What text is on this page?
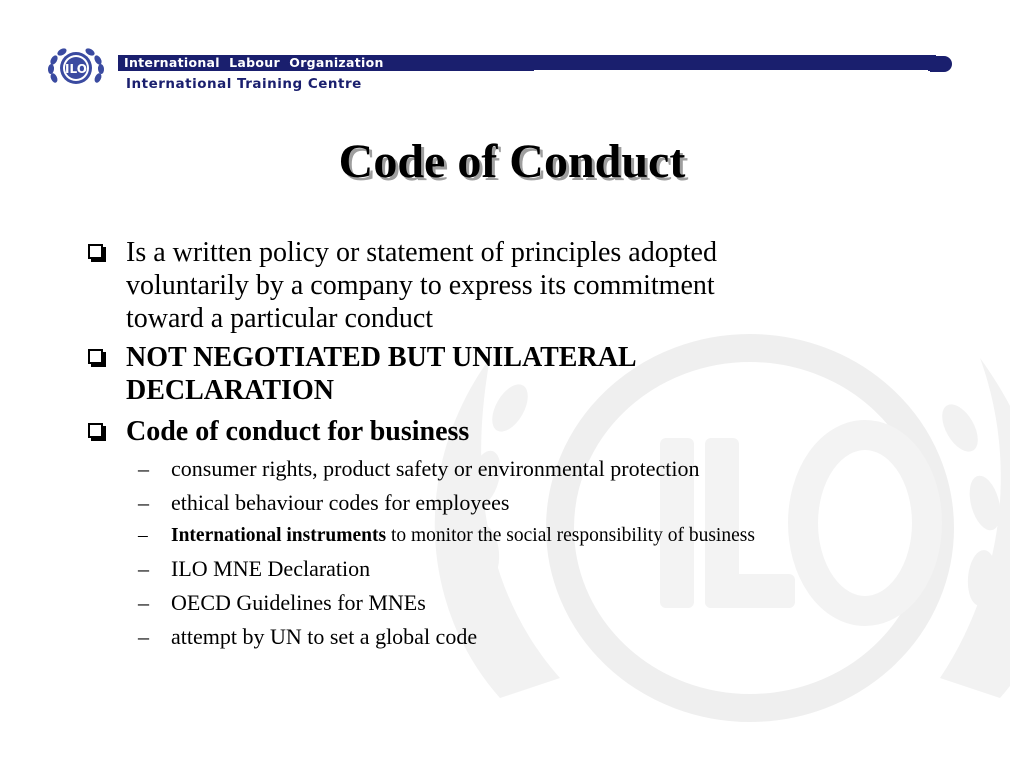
ILO	International  Labour  Organization
International Training Centre
Code of Conduct
Is a written policy or statement of principles adopted
voluntarily by a company to express its commitment
toward a particular conduct
NOT NEGOTIATED BUT UNILATERAL
DECLARATION
Code of conduct for business
– consumer rights, product safety or environmental protection
– ethical behaviour codes for employees
– International instruments to monitor the social responsibility of business
– ILO MNE Declaration
– OECD Guidelines for MNEs
– attempt by UN to set a global code
